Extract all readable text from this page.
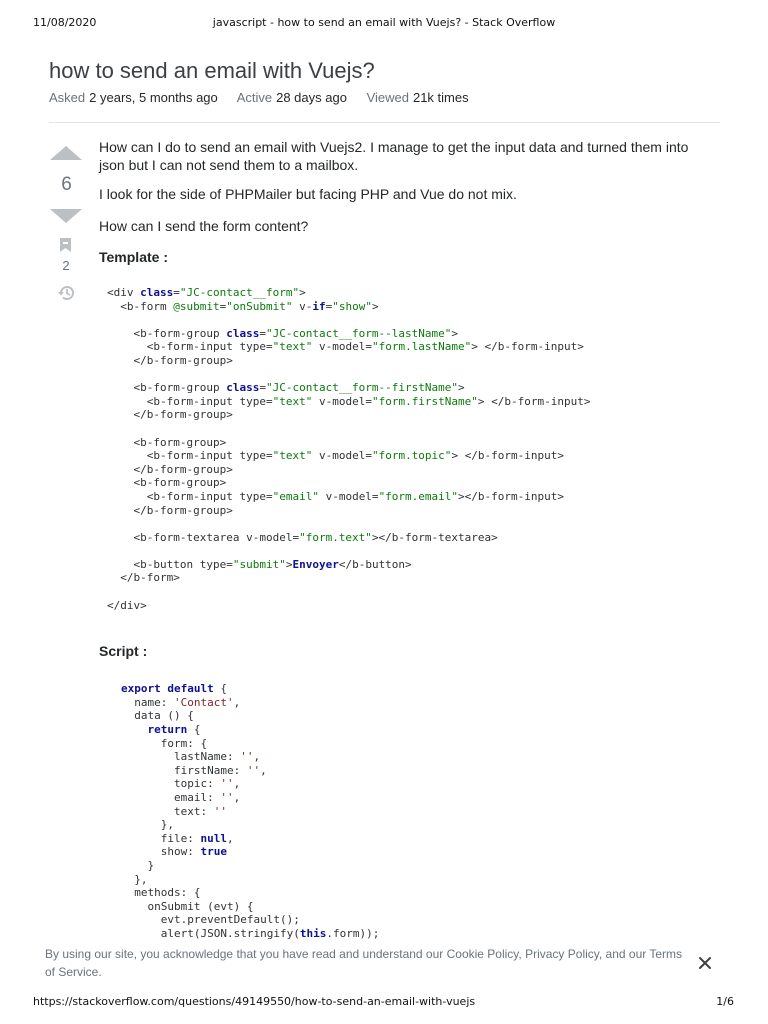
11/08/2020	javascript - how to send an email with Vuejs? - Stack Overflow
how to send an email with Vuejs?
Asked 2 years, 5 months ago Active 28 days ago Viewed 21k times
6
2

How can I do to send an email with Vuejs2. I manage to get the input data and turned them into json but I can not send them to a mailbox.

I look for the side of PHPMailer but facing PHP and Vue do not mix.

How can I send the form content?

Template :

<div class="JC-contact__form">
<b-form @submit="onSubmit" v-if="show">

<b-form-group class="JC-contact__form--lastName">
<b-form-input type="text" v-model="form.lastName"> </b-form-input>
</b-form-group>

<b-form-group class="JC-contact__form--firstName">
<b-form-input type="text" v-model="form.firstName"> </b-form-input>
</b-form-group>

<b-form-group>
<b-form-input type="text" v-model="form.topic"> </b-form-input>
</b-form-group>
<b-form-group>
<b-form-input type="email" v-model="form.email"></b-form-input>
</b-form-group>

<b-form-textarea v-model="form.text"></b-form-textarea>

<b-button type="submit">Envoyer</b-button>
</b-form>

</div>

Script :

export default {
name: 'Contact',
data () {
return {
form: {
lastName: '',
firstName: '',
topic: '',
email: '',
text: ''
},
file: null,
show: true
}
},
methods: {
onSubmit (evt) {
evt.preventDefault();
alert(JSON.stringify(this.form));
By using our site, you acknowledge that you have read and understand our Cookie Policy, Privacy Policy, and our Terms of Service.
https://stackoverflow.com/questions/49149550/how-to-send-an-email-with-vuejs	1/6
